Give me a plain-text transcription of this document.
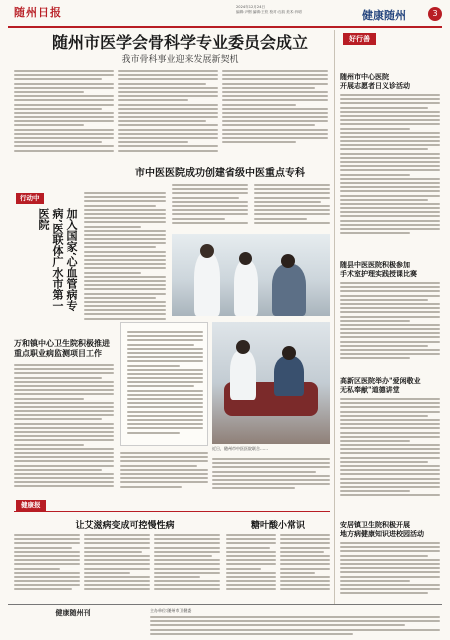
随州日报	2024年12月24日
编辑:尹钢 编辑:王钦 校对:石韵 美术:肖明	健康随州	3
随州市医学会骨科学专业委员会成立
我市骨科事业迎来发展新契机
好行善
随州市中心医院
开展志愿者日义诊活动
随县中医医院积极参加
手术室护理实践授课比赛
高新区医院举办"爱闲敬业
无私奉献"道德讲堂
安居镇卫生院积极开展
地方病健康知识进校园活动
行动中
加入国家‘心血管病专病’医联体广水市第一医院
市中医医院成功创建省级中医重点专科
万和镇中心卫生院积极推进
重点职业病监测项目工作
近日，随州市中医医院联合……
健康报
让艾滋病变成可控慢性病	糖叶酸小常识
健康随州刊	主办单位:随州市卫健委
